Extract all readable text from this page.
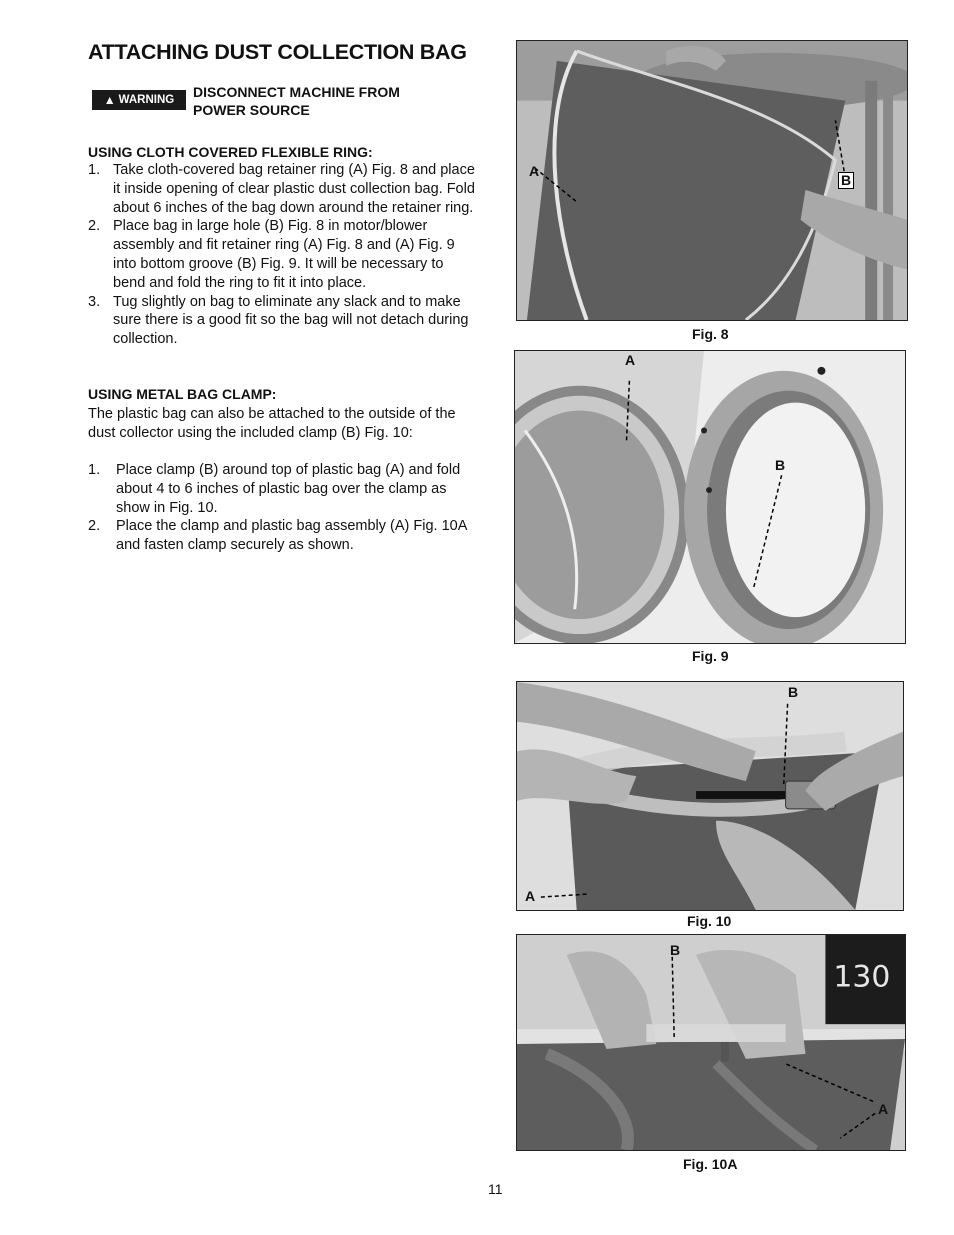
ATTACHING DUST COLLECTION BAG
▲ WARNING DISCONNECT MACHINE FROM POWER SOURCE
USING CLOTH COVERED FLEXIBLE RING:
1. Take cloth-covered bag retainer ring (A) Fig. 8 and place it inside opening of clear plastic dust collection bag. Fold about 6 inches of the bag down around the retainer ring.
2. Place bag in large hole (B) Fig. 8 in motor/blower assembly and fit retainer ring (A) Fig. 8 and (A) Fig. 9 into bottom groove (B) Fig. 9. It will be necessary to bend and fold the ring to fit it into place.
3. Tug slightly on bag to eliminate any slack and to make sure there is a good fit so the bag will not detach during collection.
USING METAL BAG CLAMP:
The plastic bag can also be attached to the outside of the dust collector using the included clamp (B) Fig. 10:
1.	Place clamp (B) around top of plastic bag (A) and fold about 4 to 6 inches of plastic bag over the clamp as show in Fig. 10.
2.	Place the clamp and plastic bag assembly (A) Fig. 10A and fasten clamp securely as shown.
A
B
Fig. 8
A
B
Fig. 9
B
A
Fig. 10
130
B
A
Fig. 10A
11
